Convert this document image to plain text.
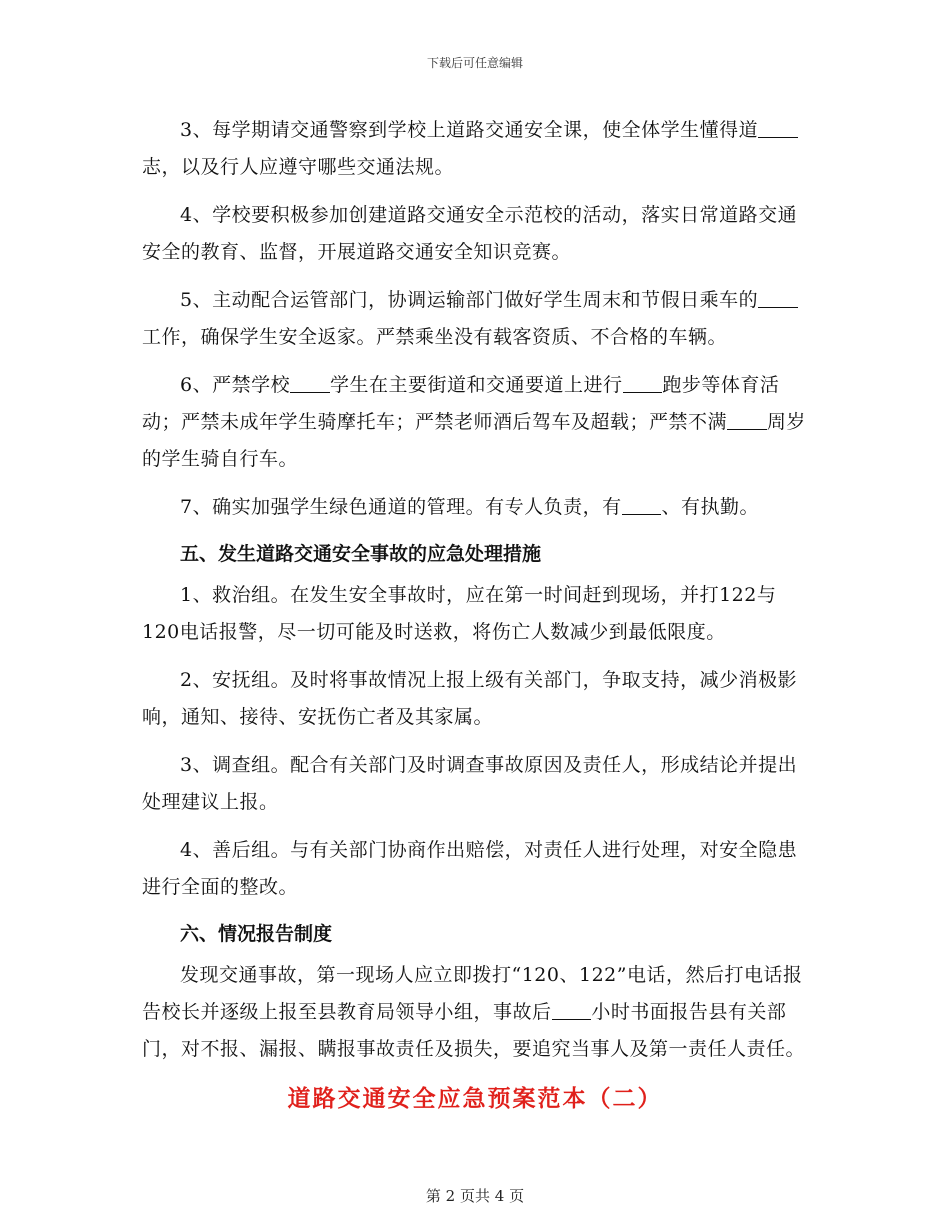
下载后可任意编辑

3、每学期请交通警察到学校上道路交通安全课，使全体学生懂得道志，以及行人应遵守哪些交通法规。

4、学校要积极参加创建道路交通安全示范校的活动，落实日常道路交通安全的教育、监督，开展道路交通安全知识竞赛。

5、主动配合运管部门，协调运输部门做好学生周末和节假日乘车的工作，确保学生安全返家。严禁乘坐没有载客资质、不合格的车辆。

6、严禁学校 学生在主要街道和交通要道上进行 跑步等体育活动；严禁未成年学生骑摩托车；严禁老师酒后驾车及超载；严禁不满 周岁的学生骑自行车。

7、确实加强学生绿色通道的管理。有专人负责，有 、有执勤。

五、发生道路交通安全事故的应急处理措施

1、救治组。在发生安全事故时，应在第一时间赶到现场，并打122与120电话报警，尽一切可能及时送救，将伤亡人数减少到最低限度。

2、安抚组。及时将事故情况上报上级有关部门，争取支持，减少消极影响，通知、接待、安抚伤亡者及其家属。

3、调查组。配合有关部门及时调查事故原因及责任人，形成结论并提出处理建议上报。

4、善后组。与有关部门协商作出赔偿，对责任人进行处理，对安全隐患进行全面的整改。

六、情况报告制度

发现交通事故，第一现场人应立即拨打“120、122”电话，然后打电话报告校长并逐级上报至县教育局领导小组，事故后 小时书面报告县有关部门，对不报、漏报、瞒报事故责任及损失，要追究当事人及第一责任人责任。

道路交通安全应急预案范本（二）
第 2 页共 4 页
